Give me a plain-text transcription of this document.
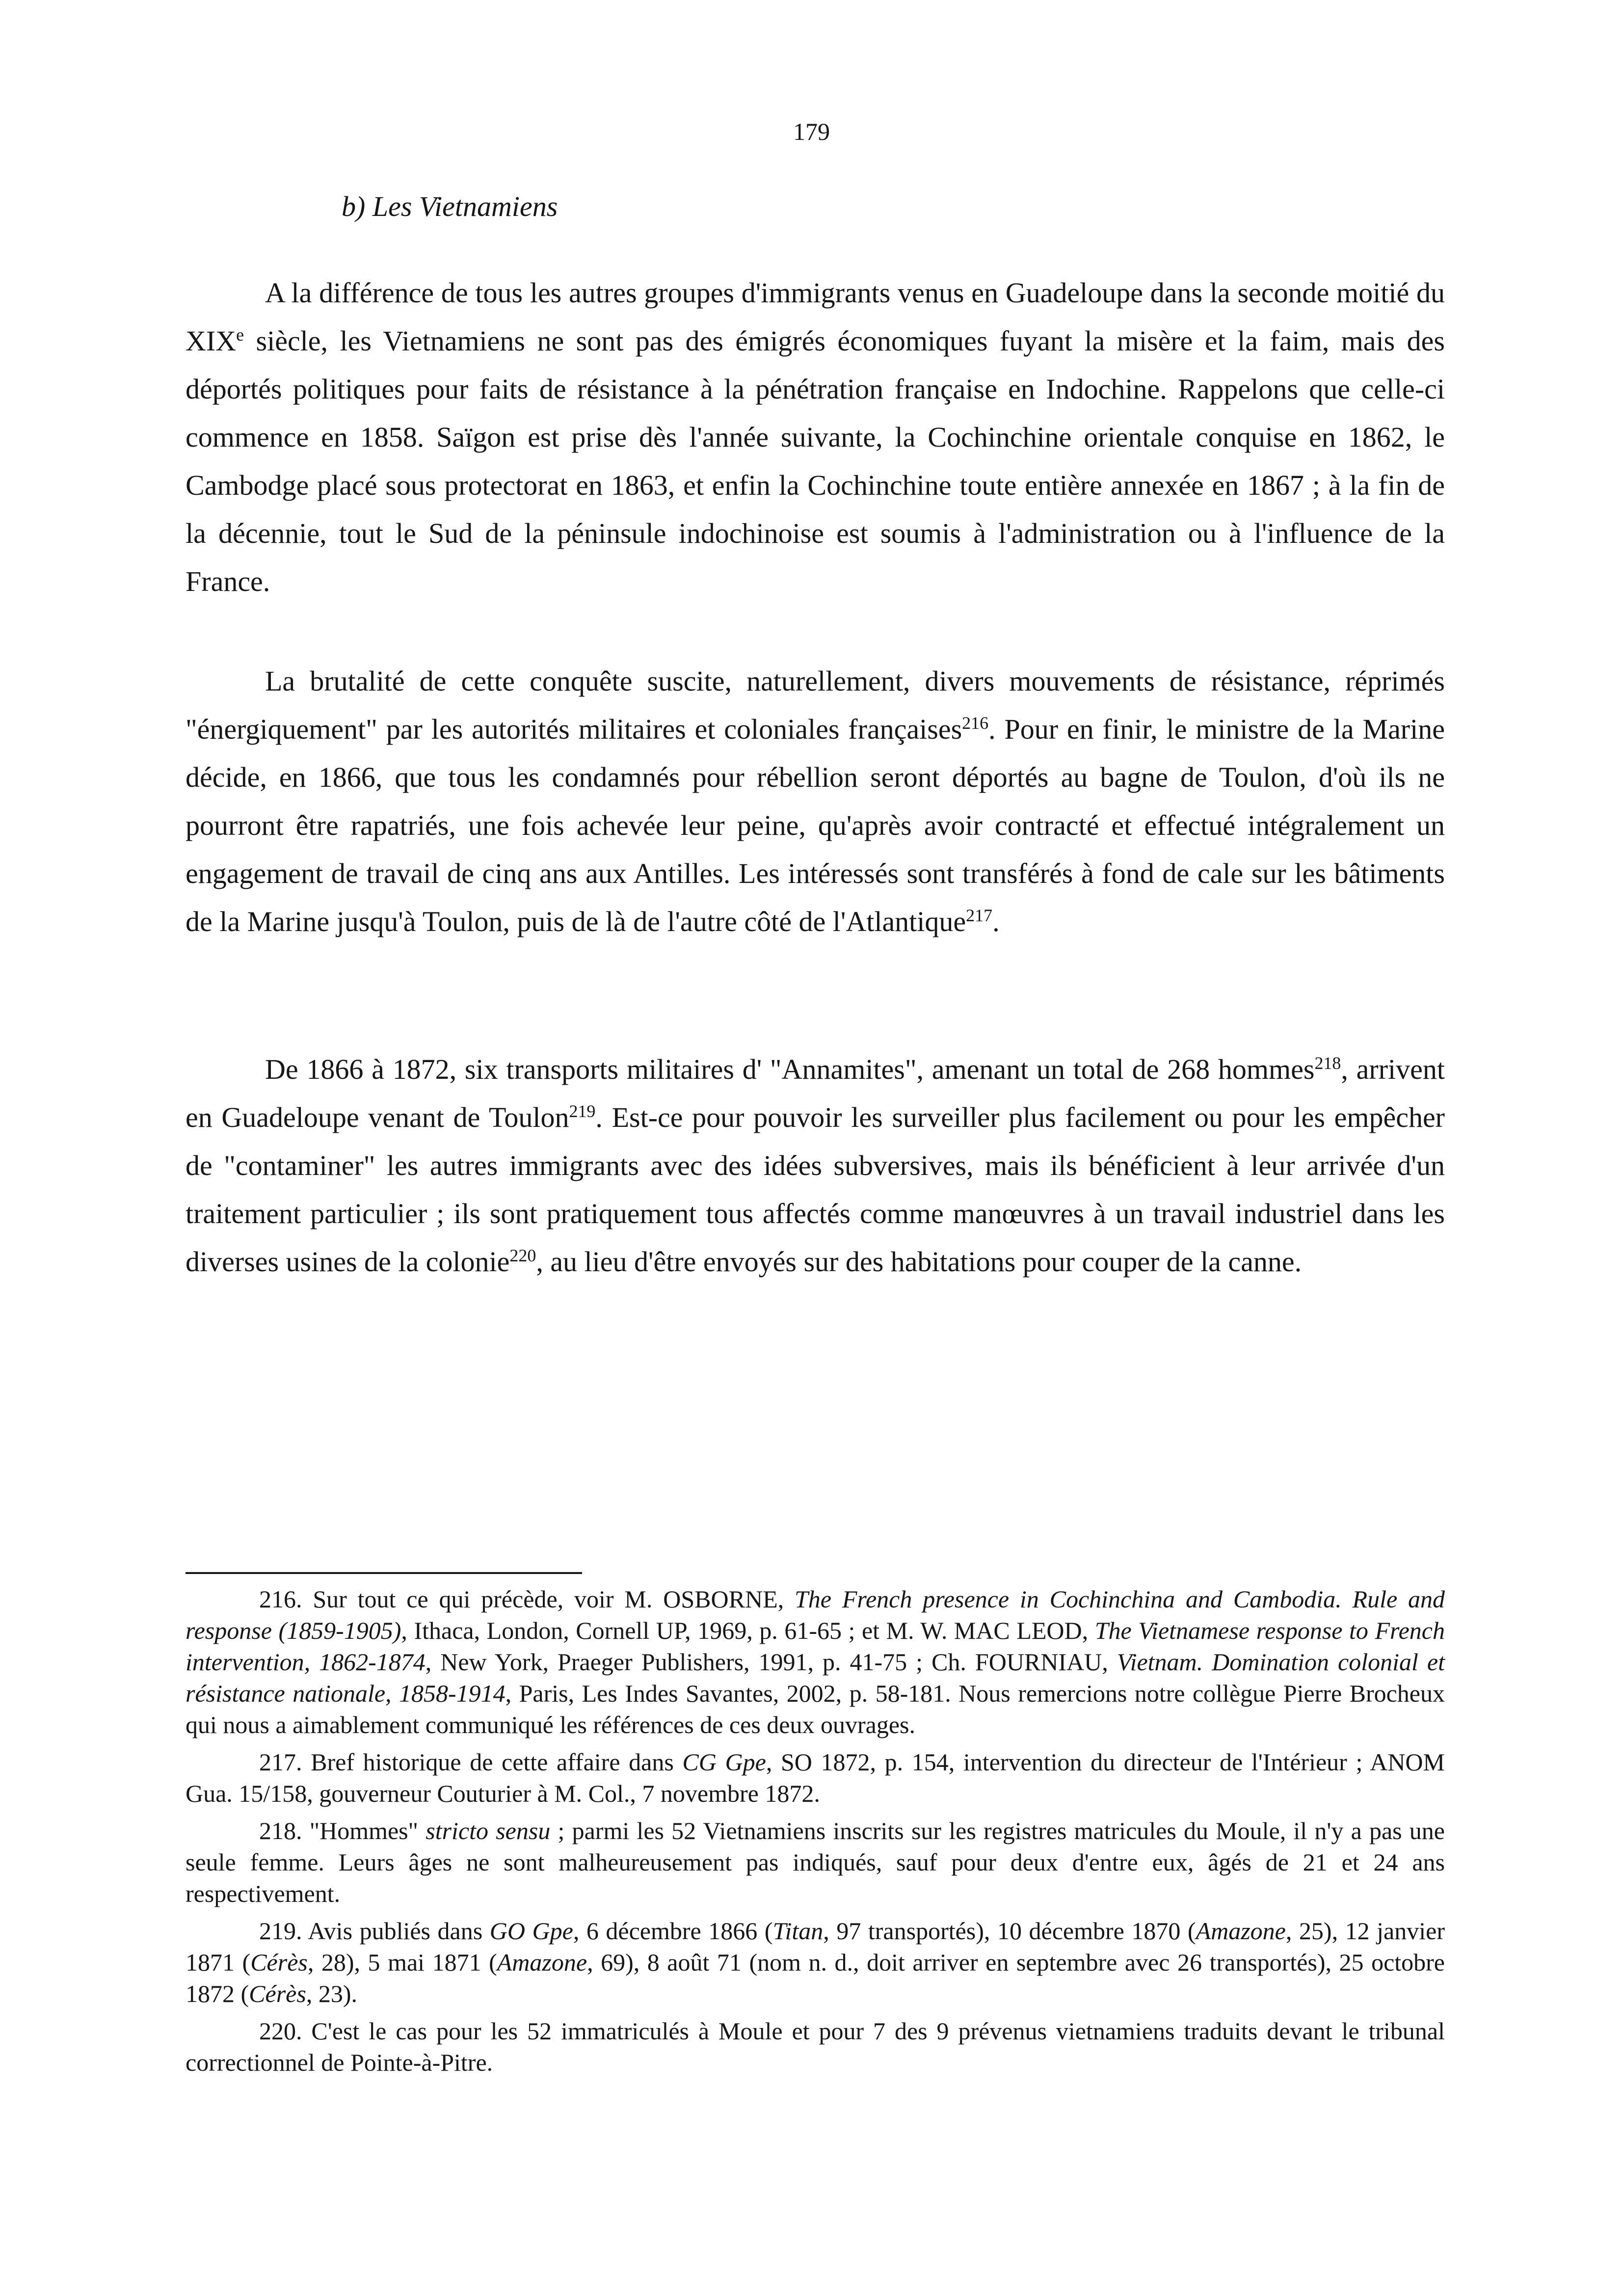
179
b) Les Vietnamiens

A la différence de tous les autres groupes d'immigrants venus en Guadeloupe dans la seconde moitié du XIXe siècle, les Vietnamiens ne sont pas des émigrés économiques fuyant la misère et la faim, mais des déportés politiques pour faits de résistance à la pénétration française en Indochine. Rappelons que celle-ci commence en 1858. Saïgon est prise dès l'année suivante, la Cochinchine orientale conquise en 1862, le Cambodge placé sous protectorat en 1863, et enfin la Cochinchine toute entière annexée en 1867 ; à la fin de la décennie, tout le Sud de la péninsule indochinoise est soumis à l'administration ou à l'influence de la France.

La brutalité de cette conquête suscite, naturellement, divers mouvements de résistance, réprimés "énergiquement" par les autorités militaires et coloniales françaises$^{216}$. Pour en finir, le ministre de la Marine décide, en 1866, que tous les condamnés pour rébellion seront déportés au bagne de Toulon, d'où ils ne pourront être rapatriés, une fois achevée leur peine, qu'après avoir contracté et effectué intégralement un engagement de travail de cinq ans aux Antilles. Les intéressés sont transférés à fond de cale sur les bâtiments de la Marine jusqu'à Toulon, puis de là de l'autre côté de l'Atlantique$^{217}$.

De 1866 à 1872, six transports militaires d' "Annamites", amenant un total de 268 hommes$^{218}$, arrivent en Guadeloupe venant de Toulon$^{219}$. Est-ce pour pouvoir les surveiller plus facilement ou pour les empêcher de "contaminer" les autres immigrants avec des idées subversives, mais ils bénéficient à leur arrivée d'un traitement particulier ; ils sont pratiquement tous affectés comme manœuvres à un travail industriel dans les diverses usines de la colonie$^{220}$, au lieu d'être envoyés sur des habitations pour couper de la canne.

216. Sur tout ce qui précède, voir M. OSBORNE, The French presence in Cochinchina and Cambodia. Rule and response (1859-1905), Ithaca, London, Cornell UP, 1969, p. 61-65 ; et M. W. MAC LEOD, The Vietnamese response to French intervention, 1862-1874, New York, Praeger Publishers, 1991, p. 41-75 ; Ch. FOURNIAU, Vietnam. Domination colonial et résistance nationale, 1858-1914, Paris, Les Indes Savantes, 2002, p. 58-181. Nous remercions notre collègue Pierre Brocheux qui nous a aimablement communiqué les références de ces deux ouvrages.

217. Bref historique de cette affaire dans CG Gpe, SO 1872, p. 154, intervention du directeur de l'Intérieur ; ANOM Gua. 15/158, gouverneur Couturier à M. Col., 7 novembre 1872.

218. "Hommes" stricto sensu ; parmi les 52 Vietnamiens inscrits sur les registres matricules du Moule, il n'y a pas une seule femme. Leurs âges ne sont malheureusement pas indiqués, sauf pour deux d'entre eux, âgés de 21 et 24 ans respectivement.

219. Avis publiés dans GO Gpe, 6 décembre 1866 (Titan, 97 transportés), 10 décembre 1870 (Amazone, 25), 12 janvier 1871 (Cérès, 28), 5 mai 1871 (Amazone, 69), 8 août 71 (nom n. d., doit arriver en septembre avec 26 transportés), 25 octobre 1872 (Cérès, 23).

220. C'est le cas pour les 52 immatriculés à Moule et pour 7 des 9 prévenus vietnamiens traduits devant le tribunal correctionnel de Pointe-à-Pitre.
